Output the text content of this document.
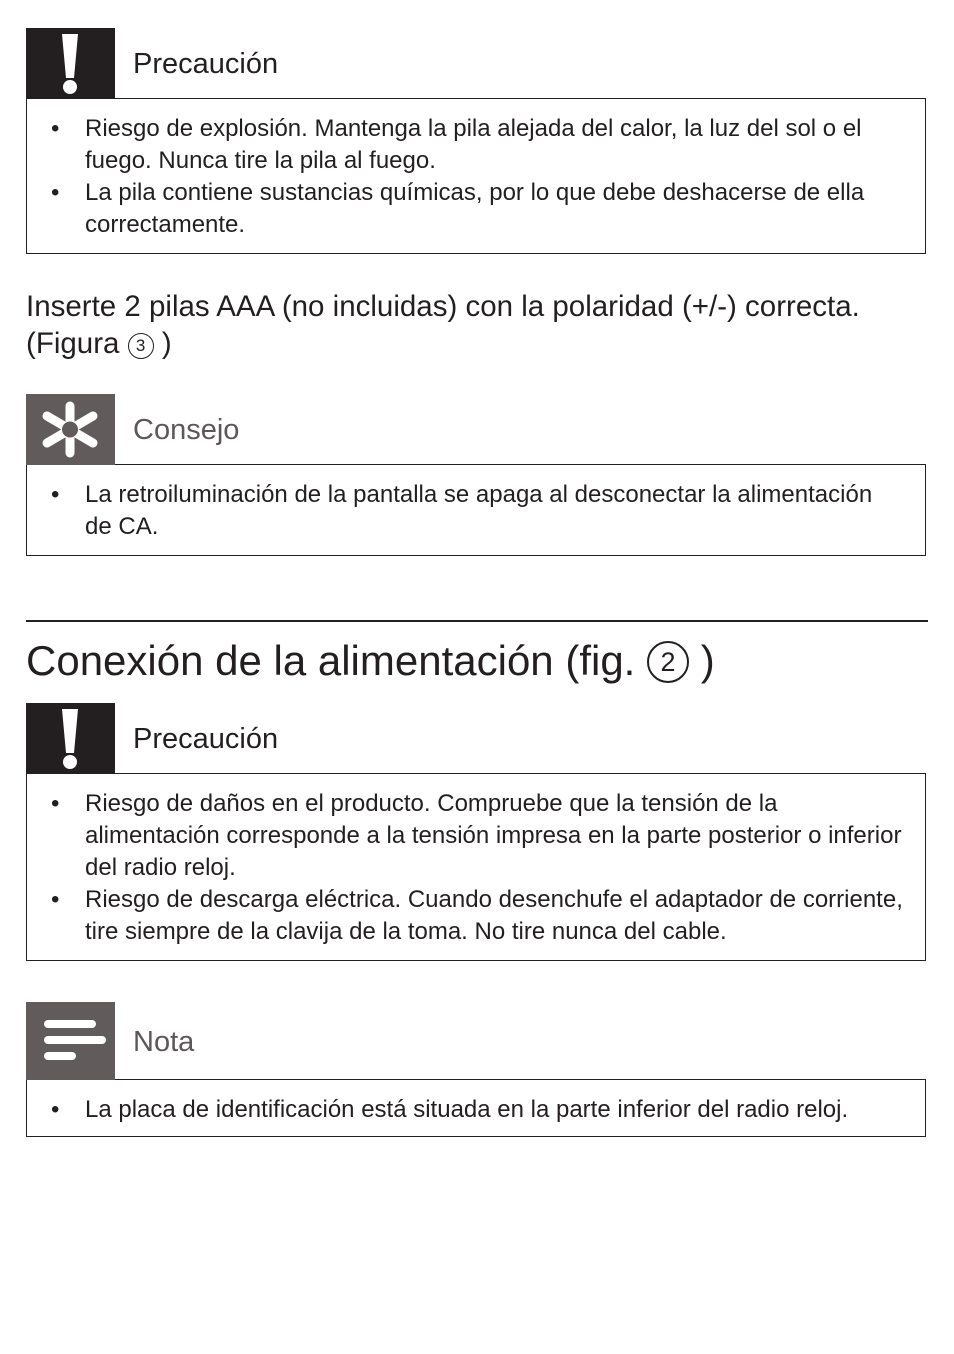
Precaución
• Riesgo de explosión. Mantenga la pila alejada del calor, la luz del sol o el fuego. Nunca tire la pila al fuego.
• La pila contiene sustancias químicas, por lo que debe deshacerse de ella correctamente.
Inserte 2 pilas AAA (no incluidas) con la polaridad (+/-) correcta. (Figura 3 )
Consejo
• La retroiluminación de la pantalla se apaga al desconectar la alimentación de CA.
Conexión de la alimentación (fig. 2 )
Precaución
• Riesgo de daños en el producto. Compruebe que la tensión de la alimentación corresponde a la tensión impresa en la parte posterior o inferior del radio reloj.
• Riesgo de descarga eléctrica. Cuando desenchufe el adaptador de corriente, tire siempre de la clavija de la toma. No tire nunca del cable.
Nota
• La placa de identificación está situada en la parte inferior del radio reloj.
